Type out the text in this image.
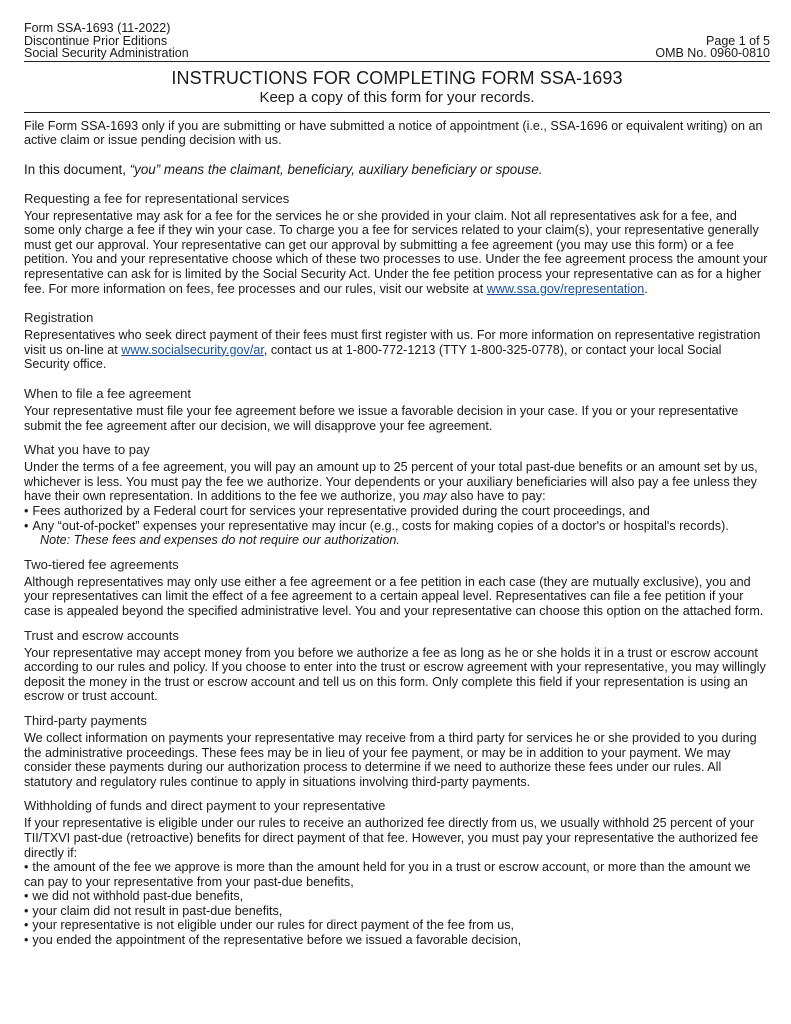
Form SSA-1693 (11-2022)
Discontinue Prior Editions
Social Security Administration
Page 1 of 5
OMB No. 0960-0810
INSTRUCTIONS FOR COMPLETING FORM SSA-1693
Keep a copy of this form for your records.

File Form SSA-1693 only if you are submitting or have submitted a notice of appointment (i.e., SSA-1696 or equivalent writing) on an active claim or issue pending decision with us.

In this document, “you” means the claimant, beneficiary, auxiliary beneficiary or spouse.

Requesting a fee for representational services

Your representative may ask for a fee for the services he or she provided in your claim. Not all representatives ask for a fee, and some only charge a fee if they win your case. To charge you a fee for services related to your claim(s), your representative generally must get our approval. Your representative can get our approval by submitting a fee agreement (you may use this form) or a fee petition. You and your representative choose which of these two processes to use. Under the fee agreement process the amount your representative can ask for is limited by the Social Security Act. Under the fee petition process your representative can as for a higher fee. For more information on fees, fee processes and our rules, visit our website at www.ssa.gov/representation.

Registration

Representatives who seek direct payment of their fees must first register with us. For more information on representative registration visit us on-line at www.socialsecurity.gov/ar, contact us at 1-800-772-1213 (TTY 1-800-325-0778), or contact your local Social Security office.

When to file a fee agreement

Your representative must file your fee agreement before we issue a favorable decision in your case. If you or your representative submit the fee agreement after our decision, we will disapprove your fee agreement.

What you have to pay

Under the terms of a fee agreement, you will pay an amount up to 25 percent of your total past-due benefits or an amount set by us, whichever is less. You must pay the fee we authorize. Your dependents or your auxiliary beneficiaries will also pay a fee unless they have their own representation. In additions to the fee we authorize, you may also have to pay:

• Fees authorized by a Federal court for services your representative provided during the court proceedings, and
• Any “out-of-pocket” expenses your representative may incur (e.g., costs for making copies of a doctor's or hospital's records).
Note: These fees and expenses do not require our authorization.
Two-tiered fee agreements

Although representatives may only use either a fee agreement or a fee petition in each case (they are mutually exclusive), you and your representatives can limit the effect of a fee agreement to a certain appeal level. Representatives can file a fee petition if your case is appealed beyond the specified administrative level. You and your representative can choose this option on the attached form.

Trust and escrow accounts

Your representative may accept money from you before we authorize a fee as long as he or she holds it in a trust or escrow account according to our rules and policy. If you choose to enter into the trust or escrow agreement with your representative, you may willingly deposit the money in the trust or escrow account and tell us on this form. Only complete this field if your representation is using an escrow or trust account.

Third-party payments

We collect information on payments your representative may receive from a third party for services he or she provided to you during the administrative proceedings. These fees may be in lieu of your fee payment, or may be in addition to your payment. We may consider these payments during our authorization process to determine if we need to authorize these fees under our rules. All statutory and regulatory rules continue to apply in situations involving third-party payments.

Withholding of funds and direct payment to your representative

If your representative is eligible under our rules to receive an authorized fee directly from us, we usually withhold 25 percent of your TII/TXVI past-due (retroactive) benefits for direct payment of that fee. However, you must pay your representative the authorized fee directly if:

• the amount of the fee we approve is more than the amount held for you in a trust or escrow account, or more than the amount we can pay to your representative from your past-due benefits,
• we did not withhold past-due benefits,
• your claim did not result in past-due benefits,
• your representative is not eligible under our rules for direct payment of the fee from us,
• you ended the appointment of the representative before we issued a favorable decision,
